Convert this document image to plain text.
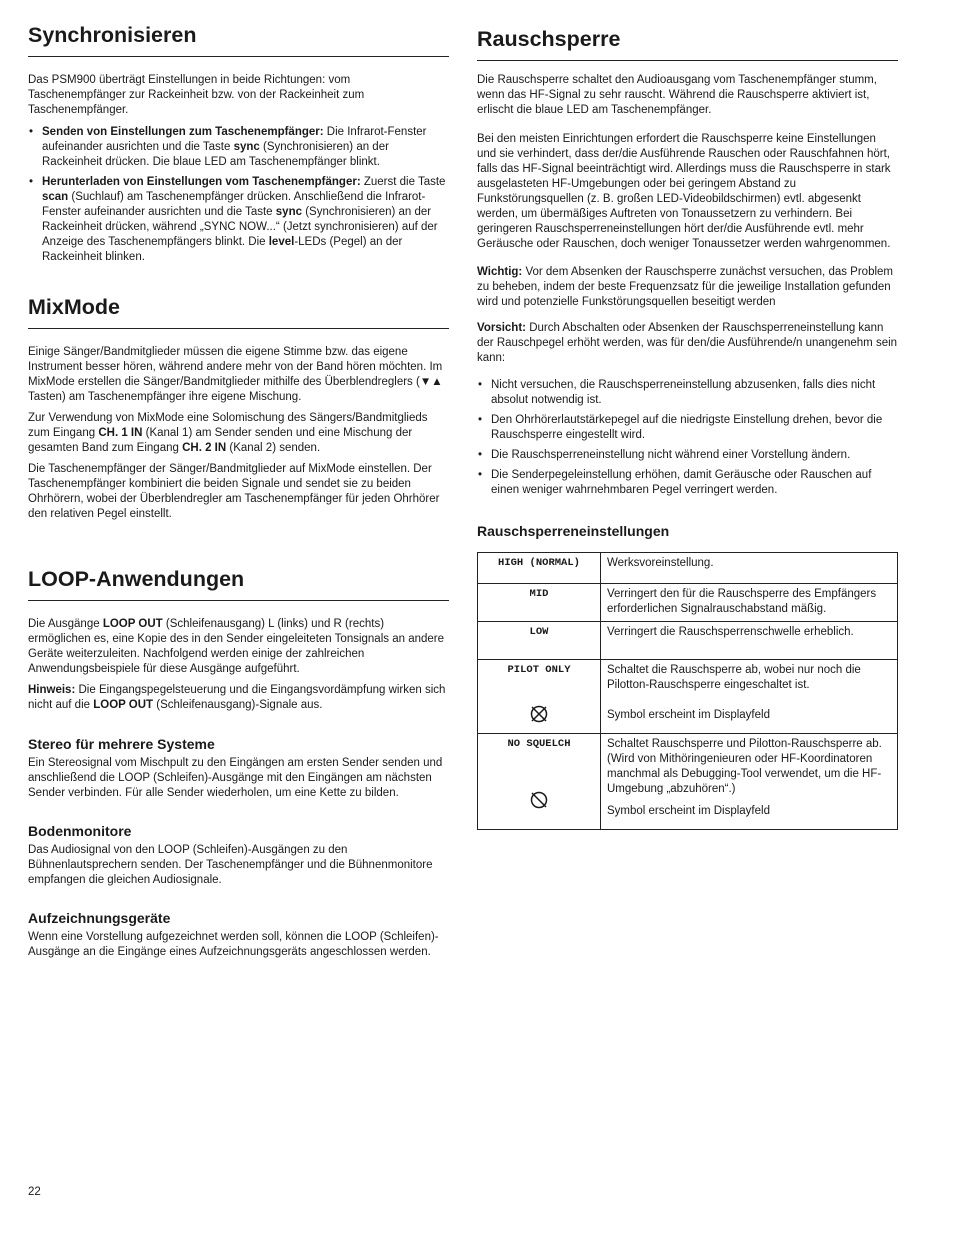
Synchronisieren

Das PSM900 überträgt Einstellungen in beide Richtungen: vom Taschenempfänger zur Rackeinheit bzw. von der Rackeinheit zum Taschenempfänger.

• Senden von Einstellungen zum Taschenempfänger: Die Infrarot-Fenster aufeinander ausrichten und die Taste sync (Synchronisieren) an der Rackeinheit drücken. Die blaue LED am Taschenempfänger blinkt.
• Herunterladen von Einstellungen vom Taschenempfänger: Zuerst die Taste scan (Suchlauf) am Taschenempfänger drücken. Anschließend die Infrarot-Fenster aufeinander ausrichten und die Taste sync (Synchronisieren) an der Rackeinheit drücken, während „SYNC NOW...“ (Jetzt synchronisieren) auf der Anzeige des Taschenempfängers blinkt. Die level-LEDs (Pegel) an der Rackeinheit blinken.
MixMode

Einige Sänger/Bandmitglieder müssen die eigene Stimme bzw. das eigene Instrument besser hören, während andere mehr von der Band hören möchten. Im MixMode erstellen die Sänger/Bandmitglieder mithilfe des Überblendreglers (▼▲ Tasten) am Taschenempfänger ihre eigene Mischung.

Zur Verwendung von MixMode eine Solomischung des Sängers/Bandmitglieds zum Eingang CH. 1 IN (Kanal 1) am Sender senden und eine Mischung der gesamten Band zum Eingang CH. 2 IN (Kanal 2) senden.

Die Taschenempfänger der Sänger/Bandmitglieder auf MixMode einstellen. Der Taschenempfänger kombiniert die beiden Signale und sendet sie zu beiden Ohrhörern, wobei der Überblendregler am Taschenempfänger für jeden Ohrhörer den relativen Pegel einstellt.

LOOP-Anwendungen

Die Ausgänge LOOP OUT (Schleifenausgang) L (links) und R (rechts) ermöglichen es, eine Kopie des in den Sender eingeleiteten Tonsignals an andere Geräte weiterzuleiten. Nachfolgend werden einige der zahlreichen Anwendungsbeispiele für diese Ausgänge aufgeführt.

Hinweis: Die Eingangspegelsteuerung und die Eingangsvordämpfung wirken sich nicht auf die LOOP OUT (Schleifenausgang)-Signale aus.

Stereo für mehrere Systeme

Ein Stereosignal vom Mischpult zu den Eingängen am ersten Sender senden und anschließend die LOOP (Schleifen)-Ausgänge mit den Eingängen am nächsten Sender verbinden. Für alle Sender wiederholen, um eine Kette zu bilden.

Bodenmonitore

Das Audiosignal von den LOOP (Schleifen)-Ausgängen zu den Bühnenlautsprechern senden. Der Taschenempfänger und die Bühnenmonitore empfangen die gleichen Audiosignale.

Aufzeichnungsgeräte

Wenn eine Vorstellung aufgezeichnet werden soll, können die LOOP (Schleifen)-Ausgänge an die Eingänge eines Aufzeichnungsgeräts angeschlossen werden.

22
Rauschsperre

Die Rauschsperre schaltet den Audioausgang vom Taschenempfänger stumm, wenn das HF-Signal zu sehr rauscht. Während die Rauschsperre aktiviert ist, erlischt die blaue LED am Taschenempfänger.

Bei den meisten Einrichtungen erfordert die Rauschsperre keine Einstellungen und sie verhindert, dass der/die Ausführende Rauschen oder Rauschfahnen hört, falls das HF-Signal beeinträchtigt wird. Allerdings muss die Rauschsperre in stark ausgelasteten HF-Umgebungen oder bei geringem Abstand zu Funkstörungsquellen (z. B. großen LED-Videobildschirmen) evtl. abgesenkt werden, um übermäßiges Auftreten von Tonaussetzern zu verhindern. Bei geringeren Rauschsperreneinstellungen hört der/die Ausführende evtl. mehr Geräusche oder Rauschen, doch weniger Tonaussetzer werden wahrgenommen.

Wichtig: Vor dem Absenken der Rauschsperre zunächst versuchen, das Problem zu beheben, indem der beste Frequenzsatz für die jeweilige Installation gefunden wird und potenzielle Funkstörungsquellen beseitigt werden

Vorsicht: Durch Abschalten oder Absenken der Rauschsperreneinstellung kann der Rauschpegel erhöht werden, was für den/die Ausführende/n unangenehm sein kann:

• Nicht versuchen, die Rauschsperreneinstellung abzusenken, falls dies nicht absolut notwendig ist.
• Den Ohrhörerlautstärkepegel auf die niedrigste Einstellung drehen, bevor die Rauschsperre eingestellt wird.
• Die Rauschsperreneinstellung nicht während einer Vorstellung ändern.
• Die Senderpegeleinstellung erhöhen, damit Geräusche oder Rauschen auf einen weniger wahrnehmbaren Pegel verringert werden.
Rauschsperreneinstellungen
HIGH (NORMAL)	Werksvoreinstellung.

MID	Verringert den für die Rauschsperre des Empfängers erforderlichen Signalrauschabstand mäßig.
LOW	Verringert die Rauschsperrenschwelle erheblich.

PILOT ONLY	Schaltet die Rauschsperre ab, wobei nur noch die Pilotton-Rauschsperre eingeschaltet ist.
Symbol erscheint im Displayfeld

NO SQUELCH	Schaltet Rauschsperre und Pilotton-Rauschsperre ab. (Wird von Mithöringenieuren oder HF-Koordinatoren manchmal als Debugging-Tool verwendet, um die HF-Umgebung „abzuhören“.)
Symbol erscheint im Displayfeld
